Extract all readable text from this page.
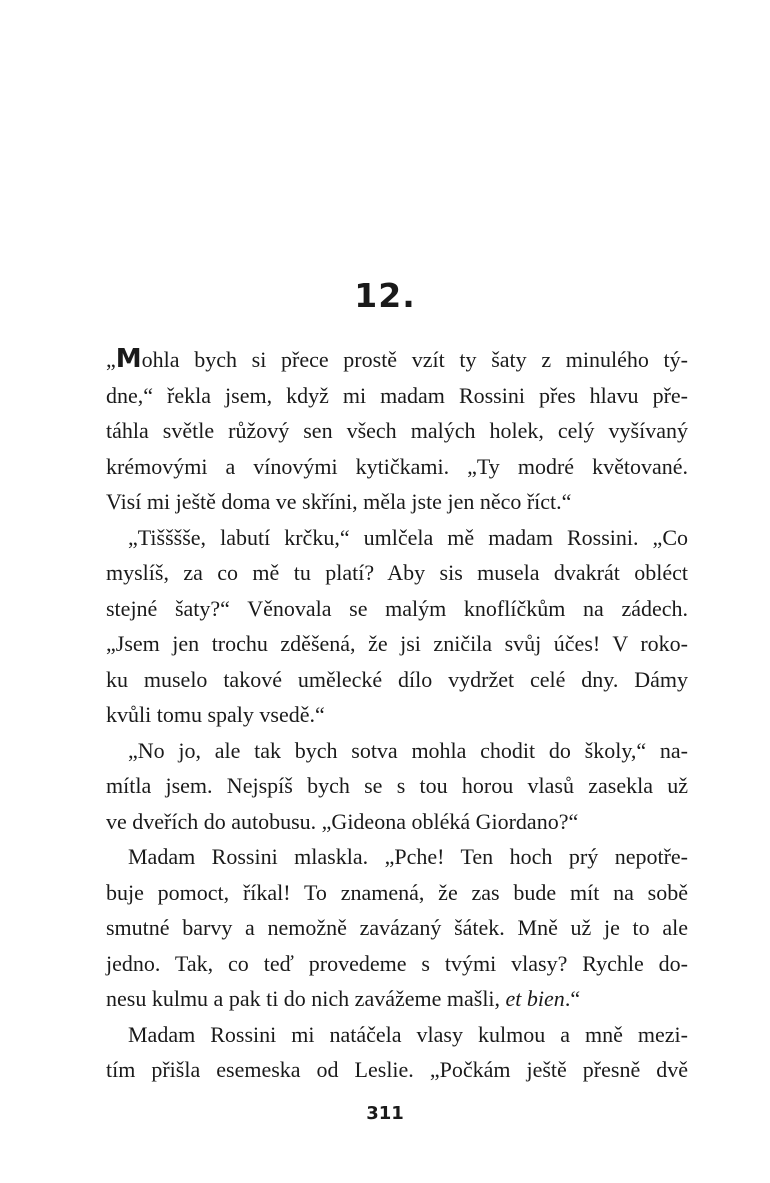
12.
„Mohla bych si přece prostě vzít ty šaty z minulého tý-
dne,“ řekla jsem, když mi madam Rossini přes hlavu pře-
táhla světle růžový sen všech malých holek, celý vyšívaný
krémovými a vínovými kytičkami. „Ty modré květované.
Visí mi ještě doma ve skříni, měla jste jen něco říct.“
„Tišššše, labutí krčku,“ umlčela mě madam Rossini. „Co
myslíš, za co mě tu platí? Aby sis musela dvakrát obléct
stejné šaty?“ Věnovala se malým knoflíčkům na zádech.
„Jsem jen trochu zděšená, že jsi zničila svůj účes! V roko-
ku muselo takové umělecké dílo vydržet celé dny. Dámy
kvůli tomu spaly vsedě.“
„No jo, ale tak bych sotva mohla chodit do školy,“ na-
mítla jsem. Nejspíš bych se s tou horou vlasů zasekla už
ve dveřích do autobusu. „Gideona obléká Giordano?“
Madam Rossini mlaskla. „Pche! Ten hoch prý nepotře-
buje pomoct, říkal! To znamená, že zas bude mít na sobě
smutné barvy a nemožně zavázaný šátek. Mně už je to ale
jedno. Tak, co teď provedeme s tvými vlasy? Rychle do-
nesu kulmu a pak ti do nich zavážeme mašli, et bien.“
Madam Rossini mi natáčela vlasy kulmou a mně mezi-
tím přišla esemeska od Leslie. „Počkám ještě přesně dvě
311
